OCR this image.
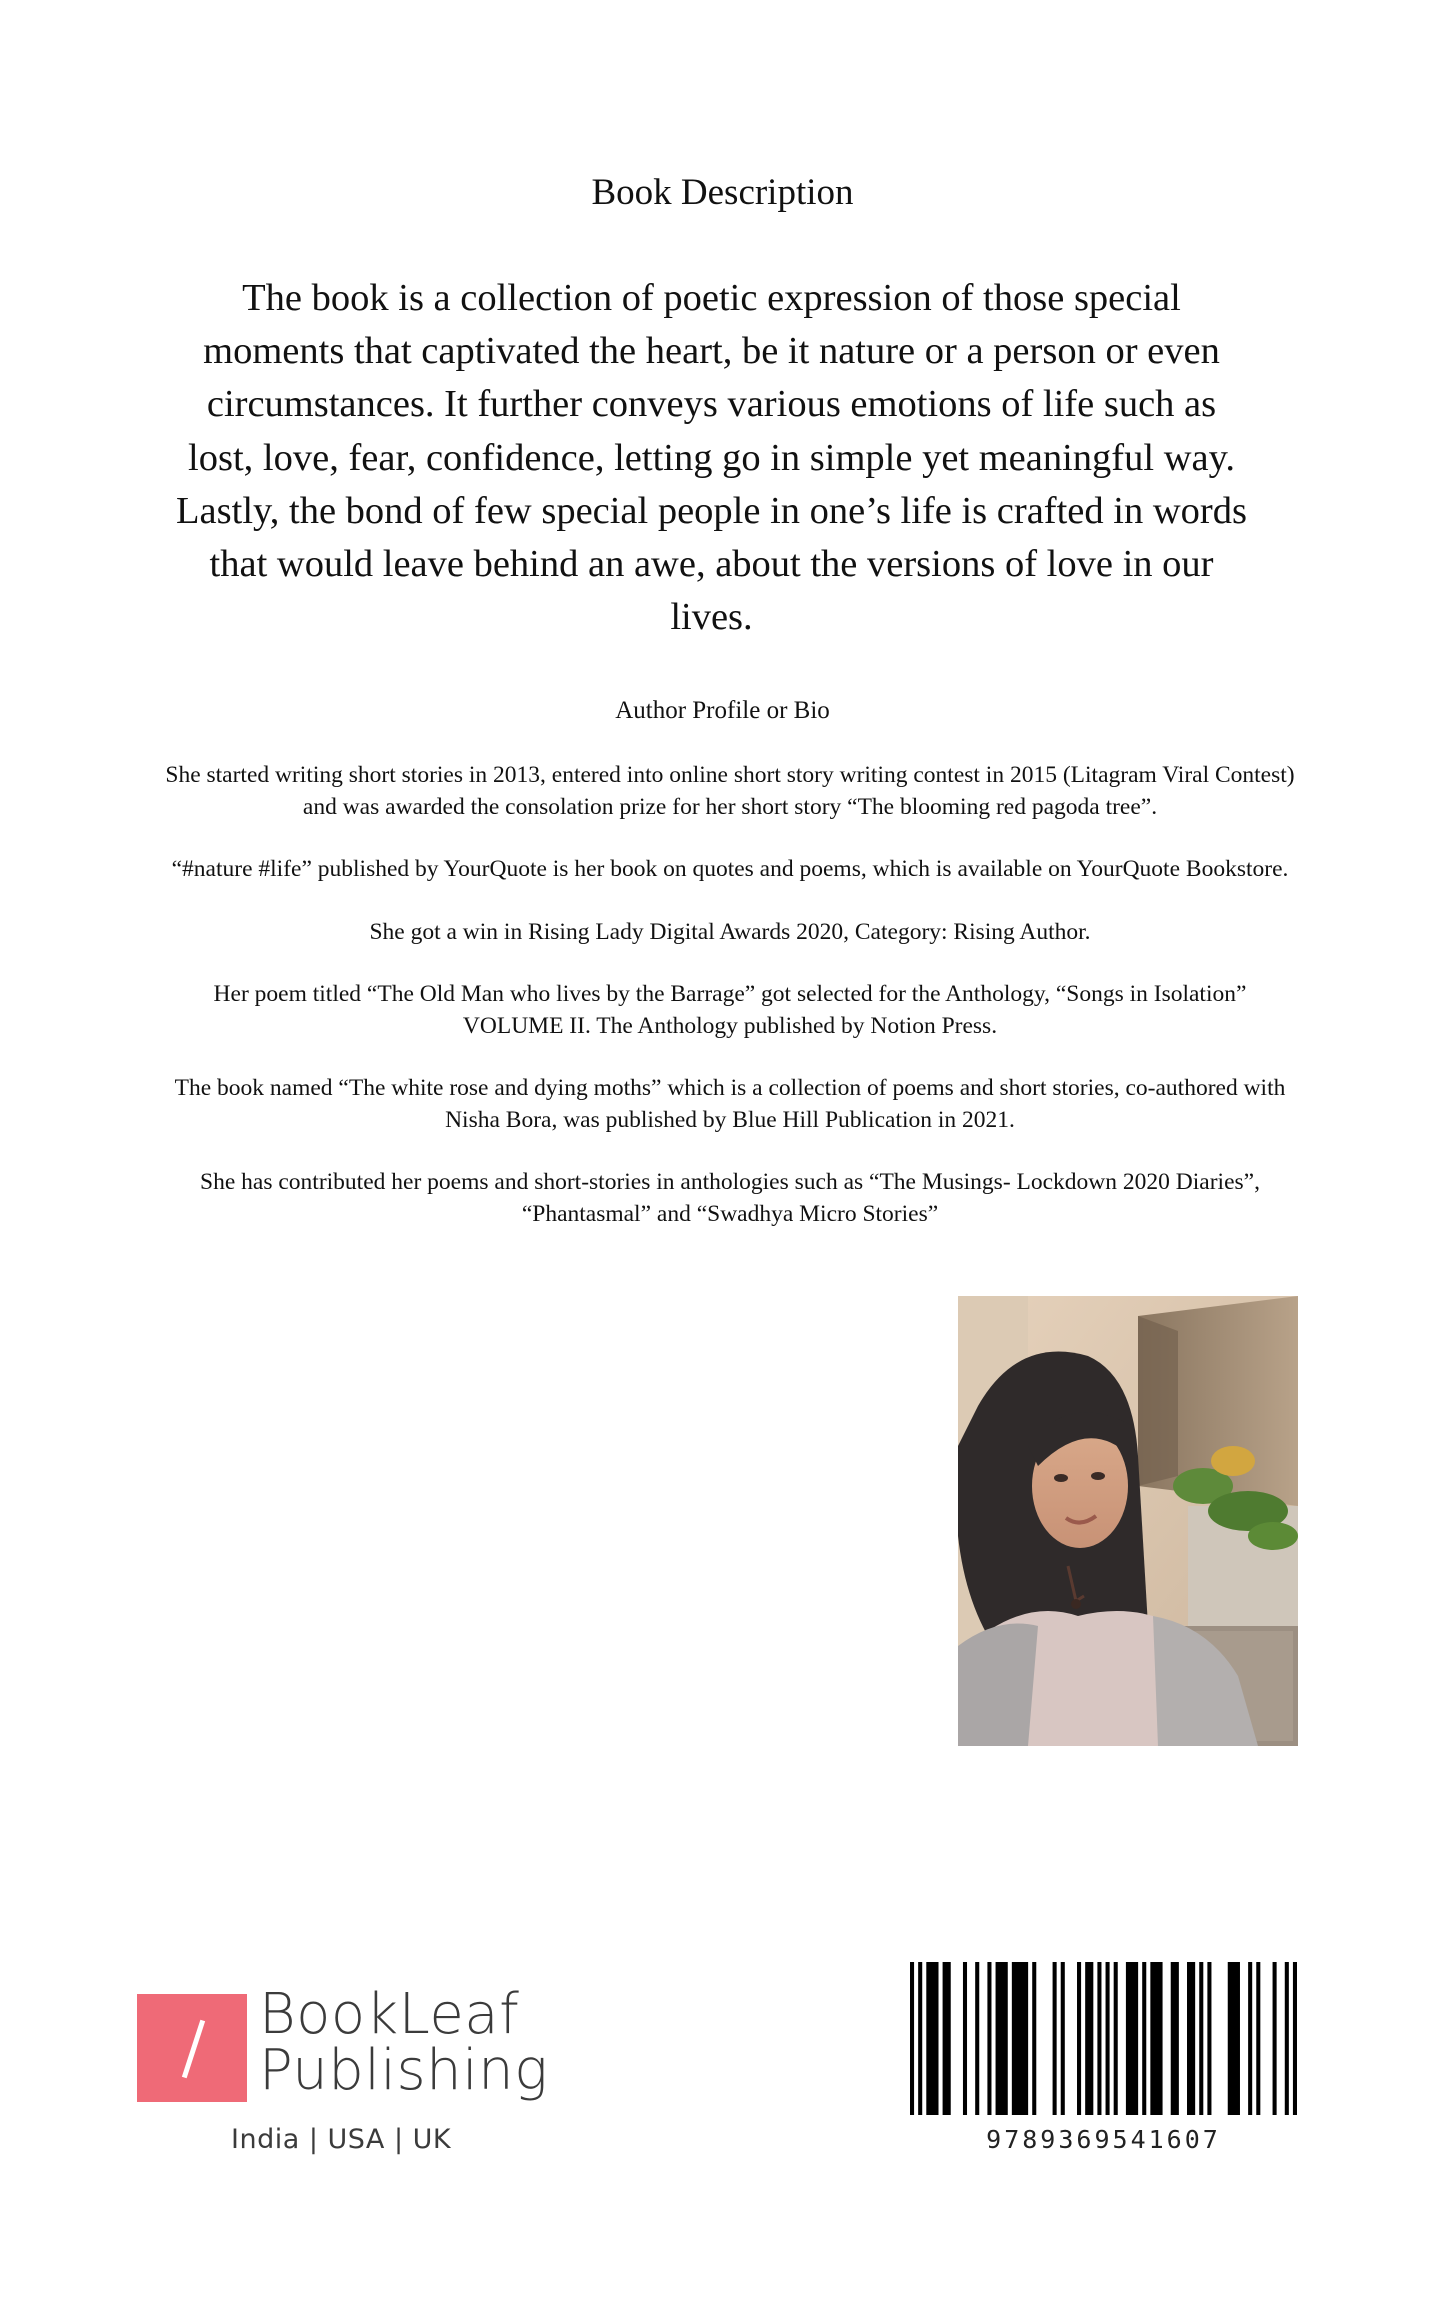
Book Description
The book is a collection of poetic expression of those special moments that captivated the heart, be it nature or a person or even circumstances. It further conveys various emotions of life such as lost, love, fear, confidence, letting go in simple yet meaningful way. Lastly, the bond of few special people in one’s life is crafted in words that would leave behind an awe, about the versions of love in our lives.
Author Profile or Bio

She started writing short stories in 2013, entered into online short story writing contest in 2015 (Litagram Viral Contest) and was awarded the consolation prize for her short story “The blooming red pagoda tree”.

“#nature #life” published by YourQuote is her book on quotes and poems, which is available on YourQuote Bookstore.

She got a win in Rising Lady Digital Awards 2020, Category: Rising Author.

Her poem titled “The Old Man who lives by the Barrage” got selected for the Anthology, “Songs in Isolation” VOLUME II. The Anthology published by Notion Press.

The book named “The white rose and dying moths” which is a collection of poems and short stories, co-authored with Nisha Bora, was published by Blue Hill Publication in 2021.

She has contributed her poems and short-stories in anthologies such as “The Musings- Lockdown 2020 Diaries”, “Phantasmal” and “Swadhya Micro Stories”

BookLeaf
Publishing
India | USA | UK	9789369541607
